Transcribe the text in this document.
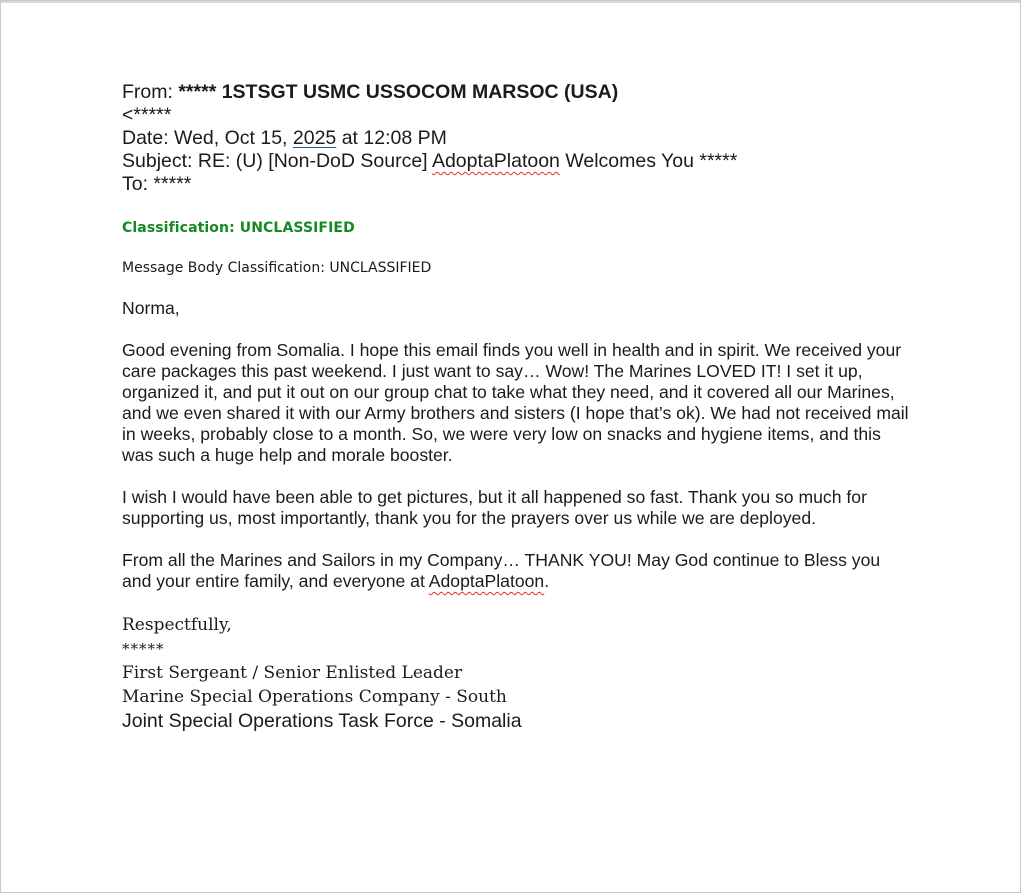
From: ***** 1STSGT USMC USSOCOM MARSOC (USA)
<*****
Date: Wed, Oct 15, 2025 at 12:08 PM
Subject: RE: (U) [Non-DoD Source] AdoptaPlatoon Welcomes You *****
To: *****
Classification: UNCLASSIFIED
Message Body Classification: UNCLASSIFIED
Norma,
Good evening from Somalia. I hope this email finds you well in health and in spirit. We received your care packages this past weekend. I just want to say… Wow! The Marines LOVED IT! I set it up, organized it, and put it out on our group chat to take what they need, and it covered all our Marines, and we even shared it with our Army brothers and sisters (I hope that’s ok). We had not received mail in weeks, probably close to a month. So, we were very low on snacks and hygiene items, and this was such a huge help and morale booster.
I wish I would have been able to get pictures, but it all happened so fast. Thank you so much for supporting us, most importantly, thank you for the prayers over us while we are deployed.
From all the Marines and Sailors in my Company… THANK YOU! May God continue to Bless you and your entire family, and everyone at AdoptaPlatoon.
Respectfully,
*****
First Sergeant / Senior Enlisted Leader
Marine Special Operations Company - South
Joint Special Operations Task Force - Somalia
